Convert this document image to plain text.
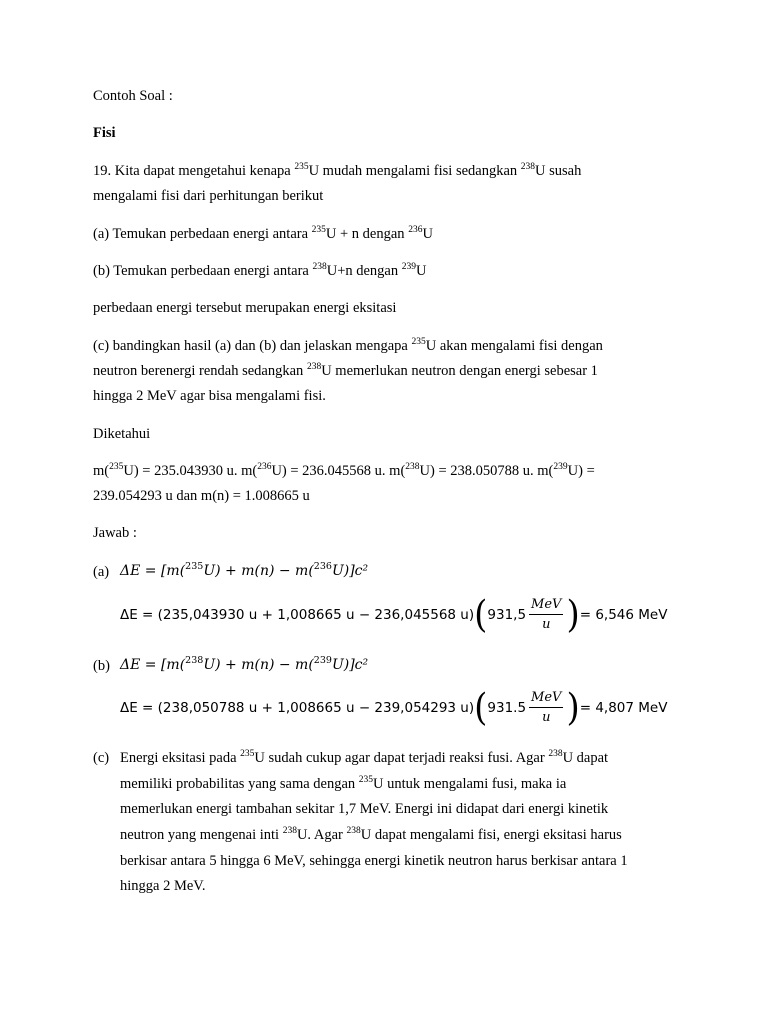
Contoh Soal :
Fisi
19. Kita dapat mengetahui kenapa $^{235}$U mudah mengalami fisi sedangkan $^{238}$U susah
mengalami fisi dari perhitungan berikut
(a) Temukan perbedaan energi antara $^{235}$U + n dengan $^{236}$U
(b) Temukan perbedaan energi antara $^{238}$U+n dengan $^{239}$U
perbedaan energi tersebut merupakan energi eksitasi
(c) bandingkan hasil (a) dan (b) dan jelaskan mengapa $^{235}$U akan mengalami fisi dengan
neutron berenergi rendah sedangkan $^{238}$U memerlukan neutron dengan energi sebesar 1
hingga 2 MeV agar bisa mengalami fisi.
Diketahui
m($^{235}$U) = 235.043930 u. m($^{236}$U) = 236.045568 u. m($^{238}$U) = 238.050788 u. m($^{239}$U) =
239.054293 u dan m(n) = 1.008665 u
Jawab :
(a) ΔE = [m($^{235}$U) + m(n) − m($^{236}$U)]c²
ΔE = (235,043930 u + 1,008665 u − 236,045568 u) ( $931,5 \frac{\text{MeV}}{u}$ ) = 6,546 MeV
(b) ΔE = [m($^{238}$U) + m(n) − m($^{239}$U)]c²
ΔE = (238,050788 u + 1,008665 u − 239,054293 u) ( $931.5 \frac{\text{MeV}}{u}$ ) = 4,807 MeV
(c) Energi eksitasi pada $^{235}$U sudah cukup agar dapat terjadi reaksi fusi. Agar $^{238}$U dapat
memiliki probabilitas yang sama dengan $^{235}$U untuk mengalami fusi, maka ia
memerlukan energi tambahan sekitar 1,7 MeV. Energi ini didapat dari energi kinetik
neutron yang mengenai inti $^{238}$U. Agar $^{238}$U dapat mengalami fisi, energi eksitasi harus
berkisar antara 5 hingga 6 MeV, sehingga energi kinetik neutron harus berkisar antara 1
hingga 2 MeV.
